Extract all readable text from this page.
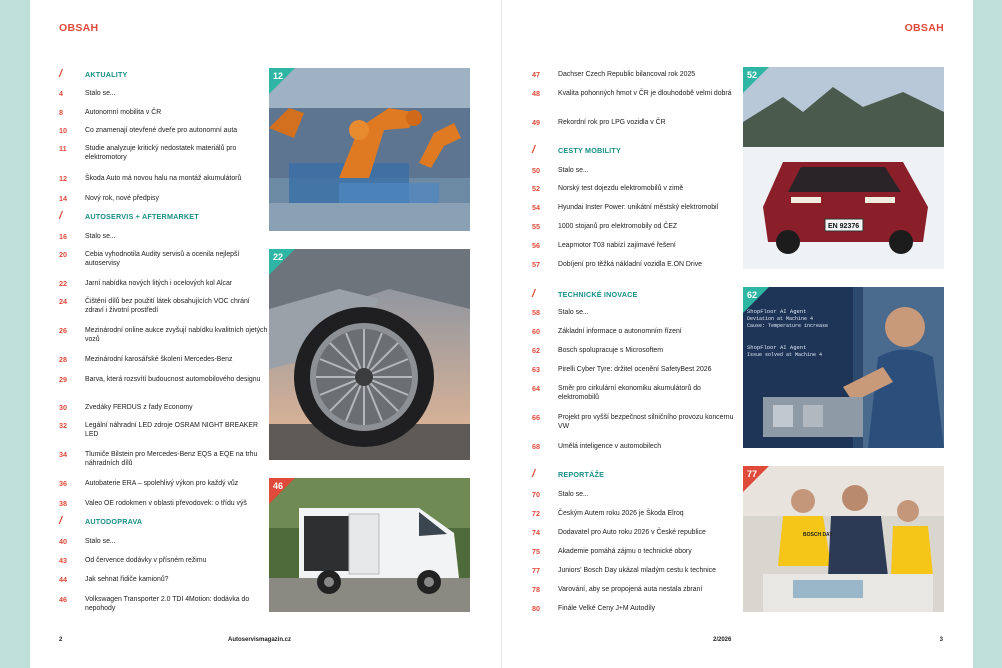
OBSAH
/	AKTUALITY
4	Stalo se...
8	Autonomní mobilita v ČR
10	Co znamenají otevřené dveře pro autonomní auta
11	Studie analyzuje kritický nedostatek materiálů pro elektromotory
12	Škoda Auto má novou halu na montáž akumulátorů
14	Nový rok, nové předpisy
/	AUTOSERVIS + AFTERMARKET
16	Stalo se...
20	Cebia vyhodnotila Audity servisů a ocenila nejlepší autoservisy
22	Jarní nabídka nových litých i ocelových kol Alcar
24	Čištění dílů bez použití látek obsahujících VOC chrání zdraví i životní prostředí
26	Mezinárodní online aukce zvyšují nabídku kvalitních ojetých vozů
28	Mezinárodní karosářské školení Mercedes-Benz
29	Barva, která rozsvítí budoucnost automobilového designu
30	Zvedáky FERDUS z řady Economy
32	Legální náhradní LED zdroje OSRAM NIGHT BREAKER LED
34	Tlumiče Bilstein pro Mercedes-Benz EQS a EQE na trhu náhradních dílů
36	Autobaterie ERA – spolehlivý výkon pro každý vůz
38	Valeo OE rodokmen v oblasti převodovek: o třídu výš
/	AUTODOPRAVA
40	Stalo se...
43	Od července dodávky v přísném režimu
44	Jak sehnat řidiče kamionů?
46	Volkswagen Transporter 2.0 TDI 4Motion: dodávka do nepohody
12
22
46
2	Autoservismagazin.cz
OBSAH
47	Dachser Czech Republic bilancoval rok 2025
48	Kvalita pohonných hmot v ČR je dlouhodobě velmi dobrá
49	Rekordní rok pro LPG vozidla v ČR
/	CESTY MOBILITY
50	Stalo se...
52	Norský test dojezdu elektromobilů v zimě
54	Hyundai Inster Power: unikátní městský elektromobil
55	1000 stojanů pro elektromobily od ČEZ
56	Leapmotor T03 nabízí zajímavé řešení
57	Dobíjení pro těžká nákladní vozidla E.ON Drive
/	TECHNICKÉ INOVACE
58	Stalo se...
60	Základní informace o autonomním řízení
62	Bosch spolupracuje s Microsoftem
63	Pirelli Cyber Tyre: držitel ocenění SafetyBest 2026
64	Směr pro cirkulární ekonomiku akumulátorů do elektromobilů
66	Projekt pro vyšší bezpečnost silničního provozu koncernu VW
68	Umělá inteligence v automobilech
/	REPORTÁŽE
70	Stalo se...
72	Českým Autem roku 2026 je Škoda Elroq
74	Dodavatel pro Auto roku 2026 v České republice
75	Akademie pomáhá zájmu o technické obory
77	Juniors' Bosch Day ukázal mladým cestu k technice
78	Varování, aby se propojená auta nestala zbraní
80	Finále Velké Ceny J+M Autodíly
EN 92376
52
ShopFloor AI Agent
Deviation at Machine 4
Cause: Temperature increase
ShopFloor AI Agent
Issue solved at Machine 4
62
BOSCH DAY
77
2/2026	3
